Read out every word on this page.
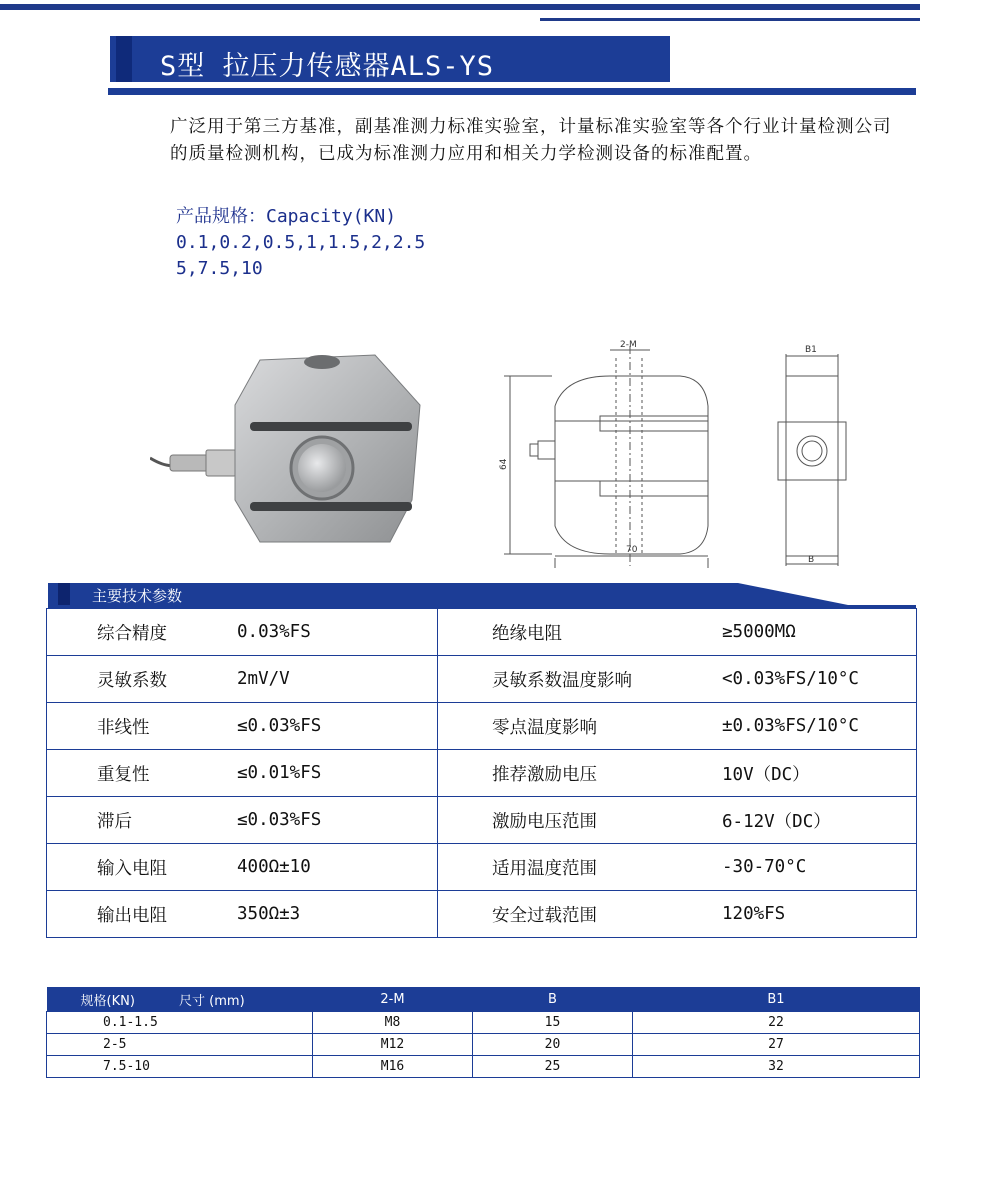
S型 拉压力传感器ALS-YS
广泛用于第三方基准，副基准测力标准实验室，计量标准实验室等各个行业计量检测公司的质量检测机构，已成为标准测力应用和相关力学检测设备的标准配置。
产品规格：Capacity(KN)
0.1,0.2,0.5,1,1.5,2,2.5
5,7.5,10
2-M
64
70
B1
B
主要技术参数
综合精度	0.03%FS	绝缘电阻	≥5000MΩ
灵敏系数	2mV/V	灵敏系数温度影响	<0.03%FS/10°C
非线性	≤0.03%FS	零点温度影响	±0.03%FS/10°C
重复性	≤0.01%FS	推荐激励电压	10V（DC）
滞后	≤0.03%FS	激励电压范围	6-12V（DC）
输入电阻	400Ω±10	适用温度范围	-30-70°C
输出电阻	350Ω±3	安全过载范围	120%FS
规格(KN) 尺寸 (mm)	2-M	B	B1
0.1-1.5	M8	15	22
2-5	M12	20	27
7.5-10	M16	25	32
